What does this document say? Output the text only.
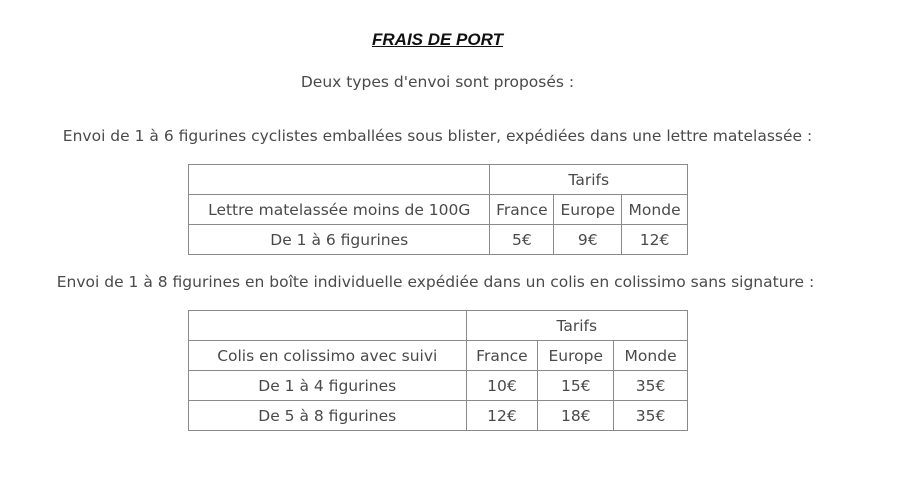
FRAIS DE PORT
Deux types d'envoi sont proposés :
Envoi de 1 à 6 figurines cyclistes emballées sous blister, expédiées dans une lettre matelassée :
	Tarifs		
Lettre matelassée moins de 100G	France	Europe	Monde
De 1 à 6 figurines	5€	9€	12€
Envoi de 1 à 8 figurines en boîte individuelle expédiée dans un colis en colissimo sans signature :
	Tarifs		
Colis en colissimo avec suivi	France	Europe	Monde
De 1 à 4 figurines	10€	15€	35€
De 5 à 8 figurines	12€	18€	35€
